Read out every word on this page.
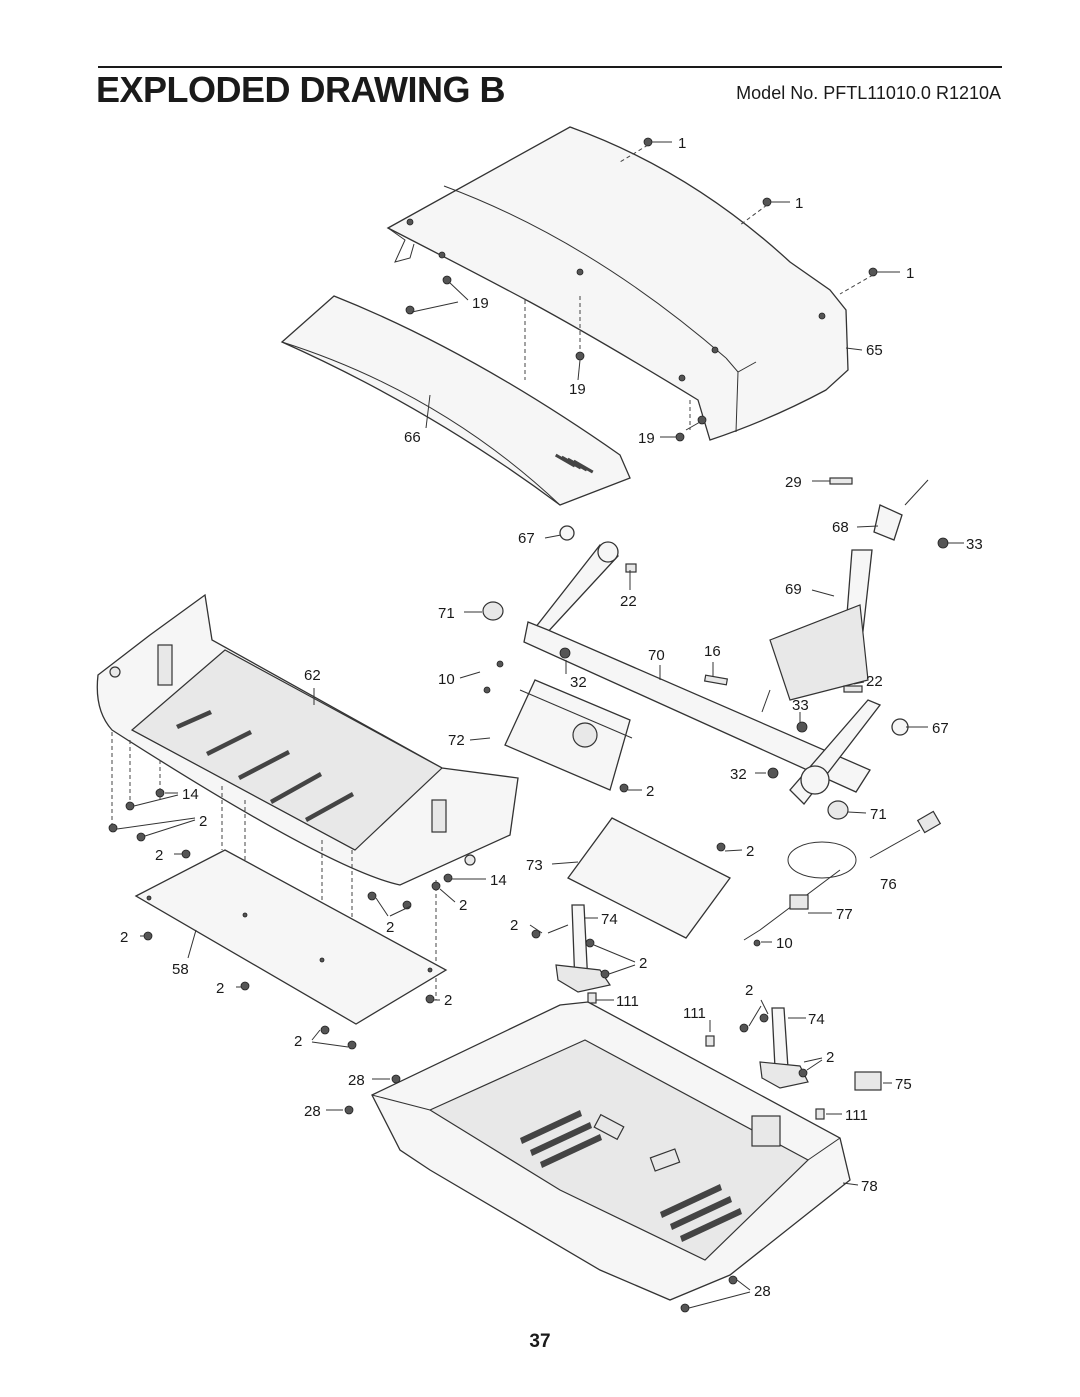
EXPLODED DRAWING B	Model No. PFTL11010.0 R1210A
1
1
1
19
65
19
66	19
29
68
33
67
22
69
71
62
70	16
10	32	22
33
67
72
32
2
71
14
2
2	2
73
14	76
2
2
77
2	74
2	10
2
58
2
2
2
111
111	74
2
2
28	75
28	111
78
28
37
